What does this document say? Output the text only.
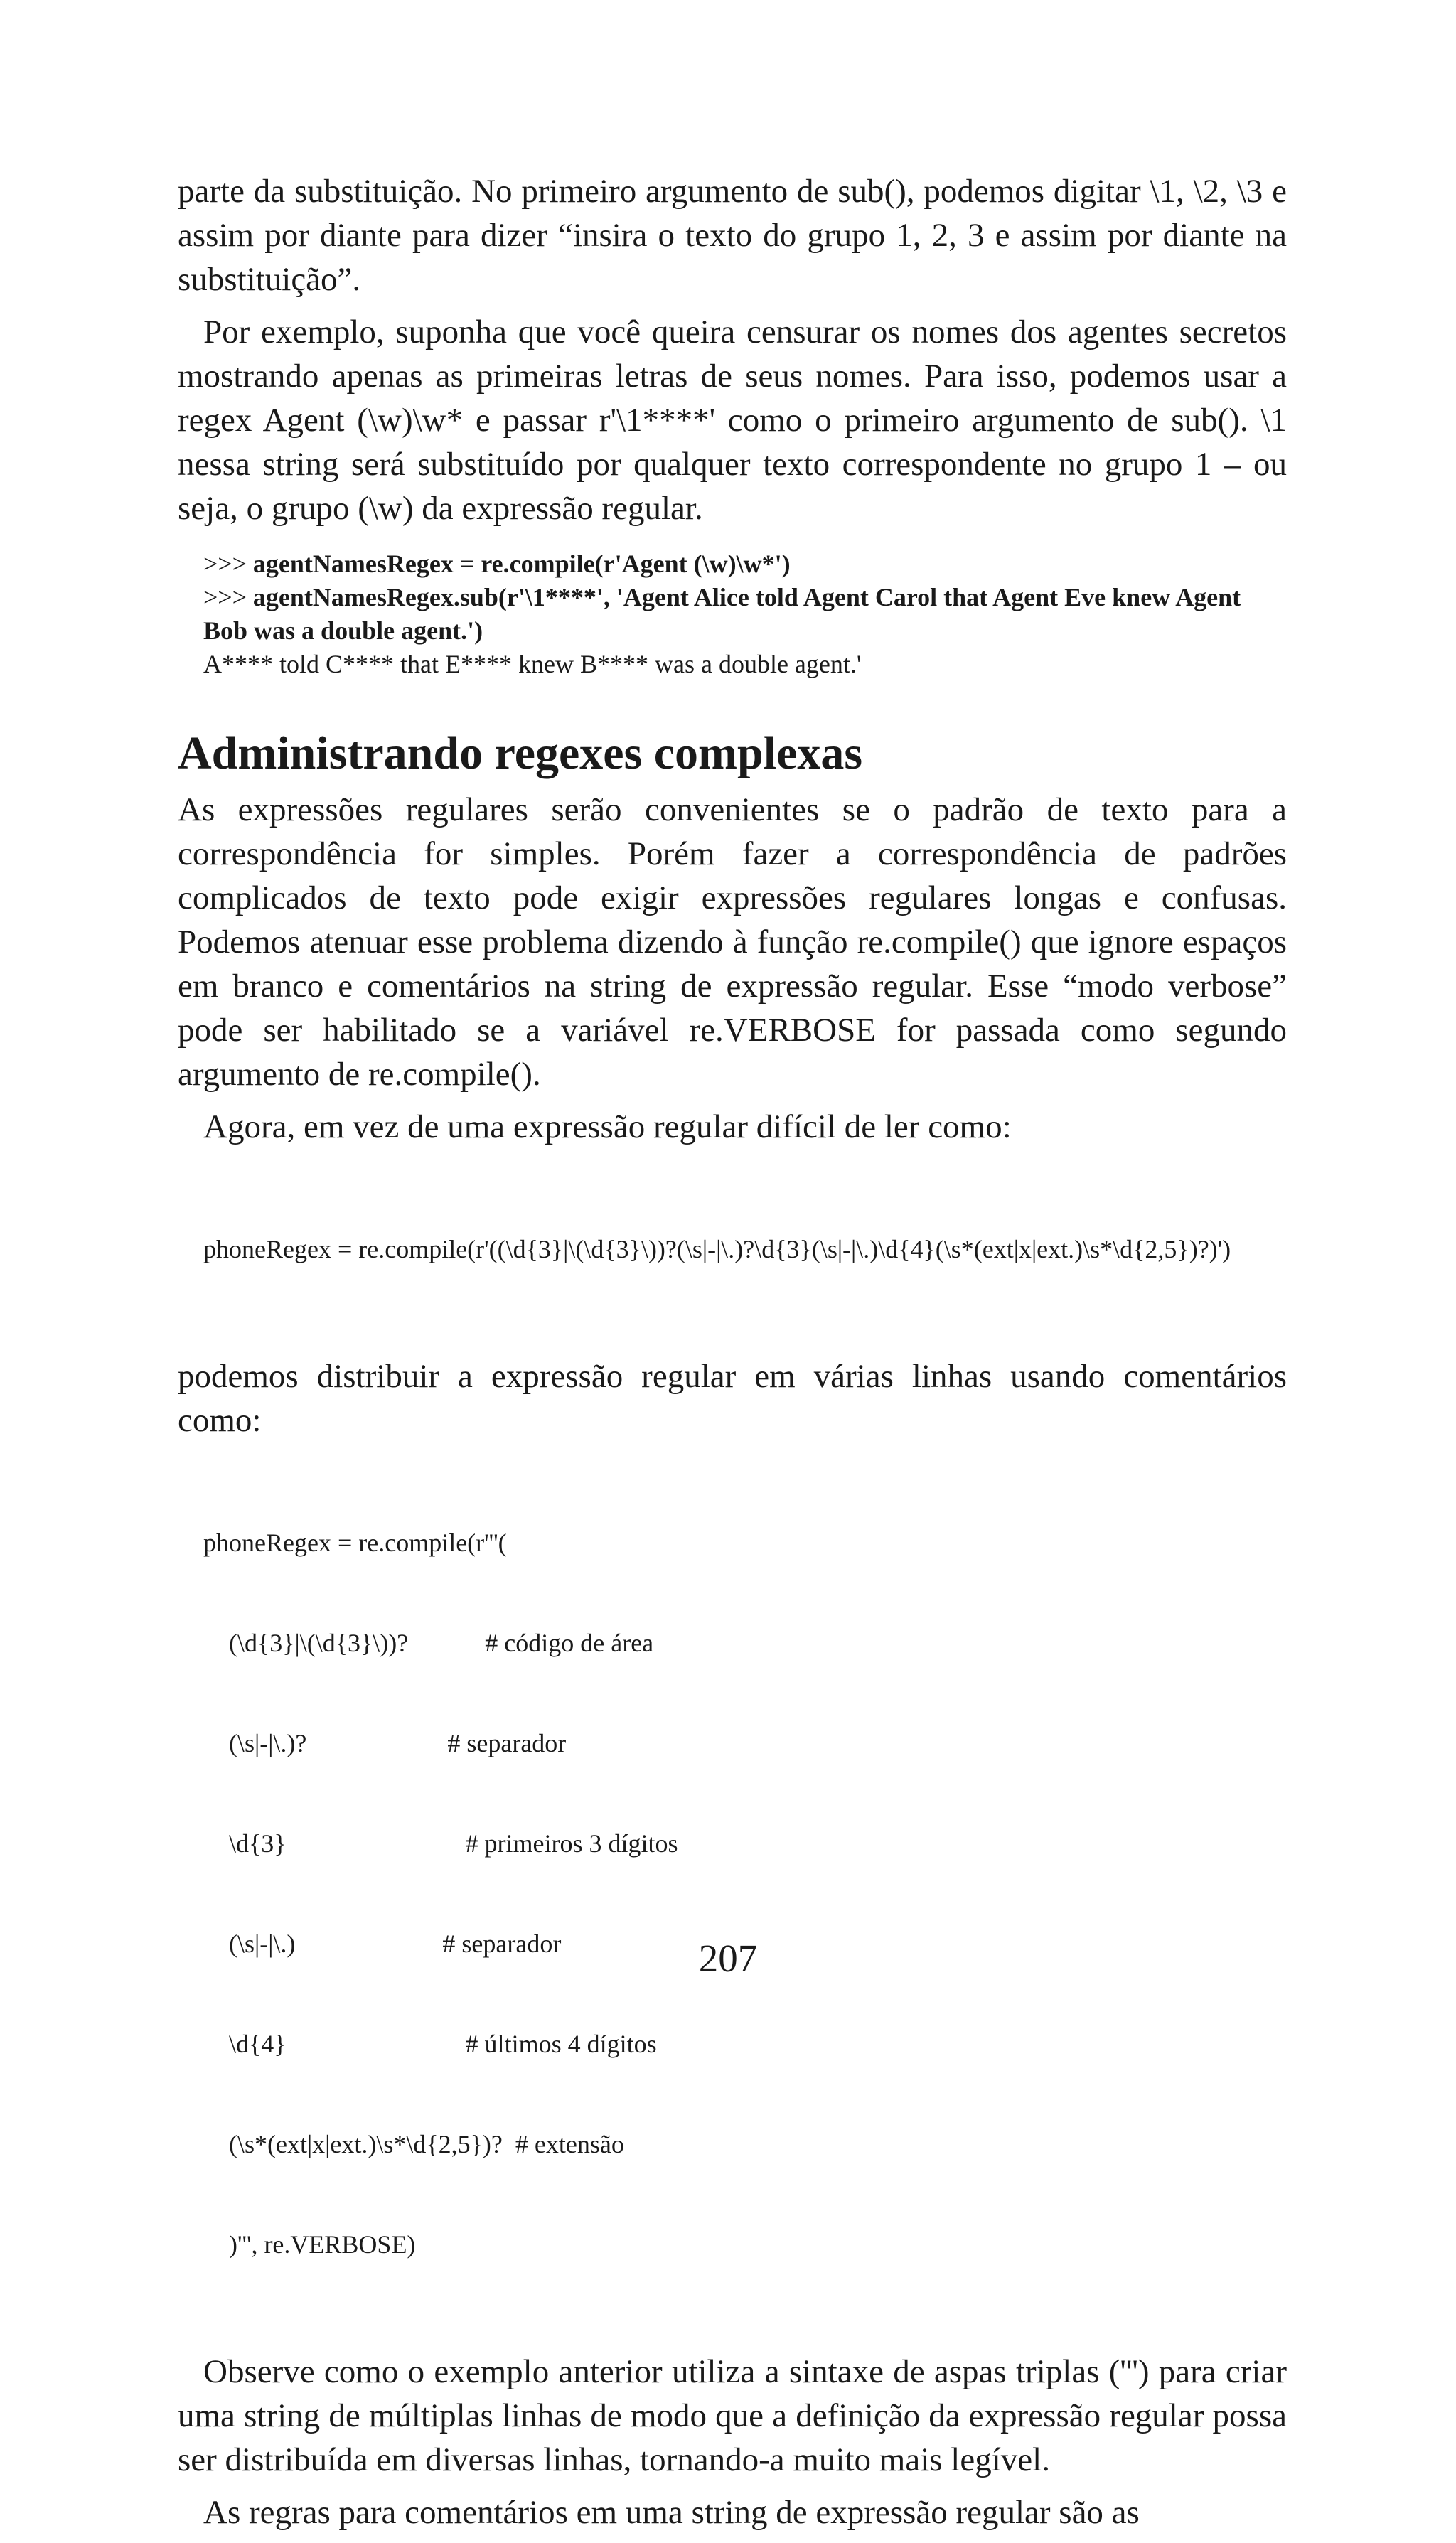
parte da substituição. No primeiro argumento de sub(), podemos digitar \1, \2, \3 e assim por diante para dizer “insira o texto do grupo 1, 2, 3 e assim por diante na substituição”.

Por exemplo, suponha que você queira censurar os nomes dos agentes secretos mostrando apenas as primeiras letras de seus nomes. Para isso, podemos usar a regex Agent (\w)\w* e passar r'\1****' como o primeiro argumento de sub(). \1 nessa string será substituído por qualquer texto correspondente no grupo 1 – ou seja, o grupo (\w) da expressão regular.

>>> agentNamesRegex = re.compile(r'Agent (\w)\w*')
>>> agentNamesRegex.sub(r'\1****', 'Agent Alice told Agent Carol that Agent Eve knew Agent Bob was a double agent.')
A**** told C**** that E**** knew B**** was a double agent.'
Administrando regexes complexas

As expressões regulares serão convenientes se o padrão de texto para a correspondência for simples. Porém fazer a correspondência de padrões complicados de texto pode exigir expressões regulares longas e confusas. Podemos atenuar esse problema dizendo à função re.compile() que ignore espaços em branco e comentários na string de expressão regular. Esse “modo verbose” pode ser habilitado se a variável re.VERBOSE for passada como segundo argumento de re.compile().

Agora, em vez de uma expressão regular difícil de ler como:

phoneRegex = re.compile(r'((\d{3}|\(\d{3}\))?(\s|-|\.)?\d{3}(\s|-|\.)\d{4}(\s*(ext|x|ext.)\s*\d{2,5})?)')

podemos distribuir a expressão regular em várias linhas usando comentários como:

phoneRegex = re.compile(r'''(

(\d{3}|\(\d{3}\))?            # código de área

(\s|-|\.)?                      # separador

\d{3}                            # primeiros 3 dígitos

(\s|-|\.)                       # separador

\d{4}                            # últimos 4 dígitos

(\s*(ext|x|ext.)\s*\d{2,5})?  # extensão

)''', re.VERBOSE)

Observe como o exemplo anterior utiliza a sintaxe de aspas triplas (''') para criar uma string de múltiplas linhas de modo que a definição da expressão regular possa ser distribuída em diversas linhas, tornando-a muito mais legível.

As regras para comentários em uma string de expressão regular são as

207
